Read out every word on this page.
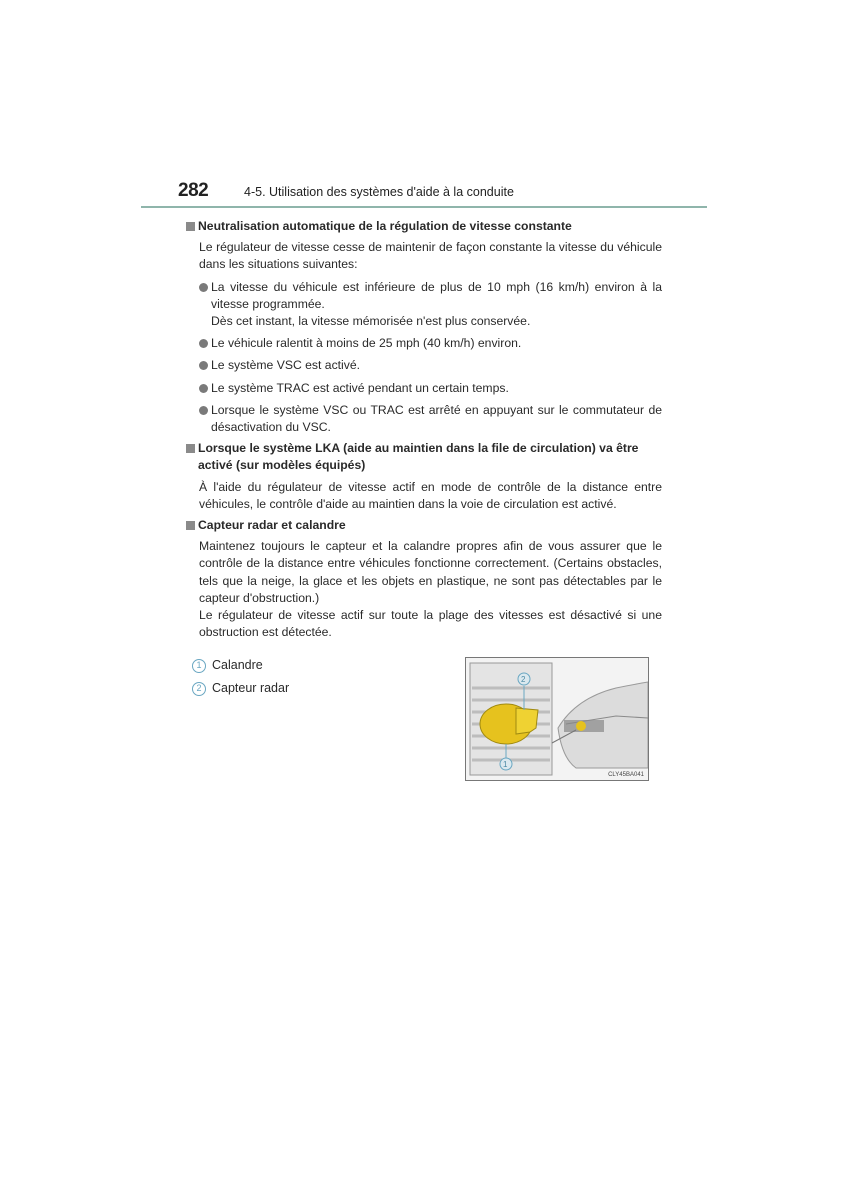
282	4-5. Utilisation des systèmes d'aide à la conduite
Neutralisation automatique de la régulation de vitesse constante
Le régulateur de vitesse cesse de maintenir de façon constante la vitesse du véhicule dans les situations suivantes:
La vitesse du véhicule est inférieure de plus de 10 mph (16 km/h) environ à la vitesse programmée.
Dès cet instant, la vitesse mémorisée n'est plus conservée.
Le véhicule ralentit à moins de 25 mph (40 km/h) environ.
Le système VSC est activé.
Le système TRAC est activé pendant un certain temps.
Lorsque le système VSC ou TRAC est arrêté en appuyant sur le commutateur de désactivation du VSC.
Lorsque le système LKA (aide au maintien dans la file de circulation) va être activé (sur modèles équipés)
À l'aide du régulateur de vitesse actif en mode de contrôle de la distance entre véhicules, le contrôle d'aide au maintien dans la voie de circulation est activé.
Capteur radar et calandre
Maintenez toujours le capteur et la calandre propres afin de vous assurer que le contrôle de la distance entre véhicules fonctionne correctement. (Certains obstacles, tels que la neige, la glace et les objets en plastique, ne sont pas détectables par le capteur d'obstruction.)
Le régulateur de vitesse actif sur toute la plage des vitesses est désactivé si une obstruction est détectée.
1 Calandre
2 Capteur radar
2
1
CLY45BA041
